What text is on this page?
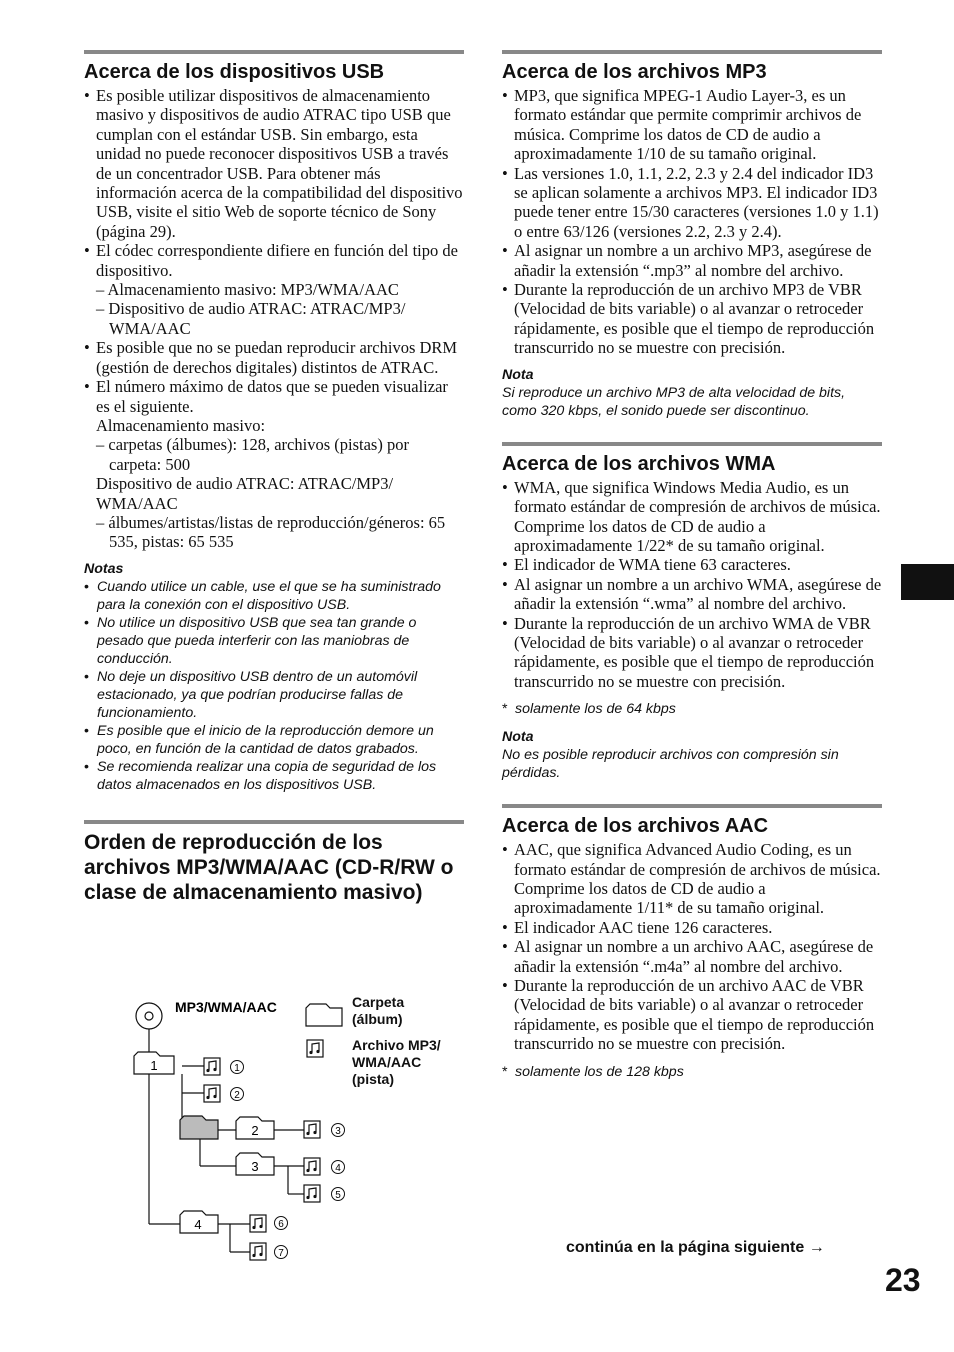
Acerca de los dispositivos USB
• Es posible utilizar dispositivos de almacenamiento masivo y dispositivos de audio ATRAC tipo USB que cumplan con el estándar USB. Sin embargo, esta unidad no puede reconocer dispositivos USB a través de un concentrador USB. Para obtener más información acerca de la compatibilidad del dispositivo USB, visite el sitio Web de soporte técnico de Sony (página 29).
• El códec correspondiente difiere en función del tipo de dispositivo.
– Almacenamiento masivo: MP3/WMA/AAC
– Dispositivo de audio ATRAC: ATRAC/MP3/ WMA/AAC
• Es posible que no se puedan reproducir archivos DRM (gestión de derechos digitales) distintos de ATRAC.
• El número máximo de datos que se pueden visualizar es el siguiente.
Almacenamiento masivo:
– carpetas (álbumes): 128, archivos (pistas) por carpeta: 500
Dispositivo de audio ATRAC: ATRAC/MP3/ WMA/AAC
– álbumes/artistas/listas de reproducción/géneros: 65 535, pistas: 65 535
Notas
• Cuando utilice un cable, use el que se ha suministrado para la conexión con el dispositivo USB.
• No utilice un dispositivo USB que sea tan grande o pesado que pueda interferir con las maniobras de conducción.
• No deje un dispositivo USB dentro de un automóvil estacionado, ya que podrían producirse fallas de funcionamiento.
• Es posible que el inicio de la reproducción demore un poco, en función de la cantidad de datos grabados.
• Se recomienda realizar una copia de seguridad de los datos almacenados en los dispositivos USB.
Orden de reproducción de los archivos MP3/WMA/AAC (CD-R/RW o clase de almacenamiento masivo)
MP3/WMA/AAC
1	1
2
2	3
3	4
5
4	6
7
Carpeta (álbum)
Archivo MP3/ WMA/AAC (pista)
Acerca de los archivos MP3
• MP3, que significa MPEG-1 Audio Layer-3, es un formato estándar que permite comprimir archivos de música. Comprime los datos de CD de audio a aproximadamente 1/10 de su tamaño original.
• Las versiones 1.0, 1.1, 2.2, 2.3 y 2.4 del indicador ID3 se aplican solamente a archivos MP3. El indicador ID3 puede tener entre 15/30 caracteres (versiones 1.0 y 1.1) o entre 63/126 (versiones 2.2, 2.3 y 2.4).
• Al asignar un nombre a un archivo MP3, asegúrese de añadir la extensión “.mp3” al nombre del archivo.
• Durante la reproducción de un archivo MP3 de VBR (Velocidad de bits variable) o al avanzar o retroceder rápidamente, es posible que el tiempo de reproducción transcurrido no se muestre con precisión.
Nota
Si reproduce un archivo MP3 de alta velocidad de bits, como 320 kbps, el sonido puede ser discontinuo.
Acerca de los archivos WMA
• WMA, que significa Windows Media Audio, es un formato estándar de compresión de archivos de música. Comprime los datos de CD de audio a aproximadamente 1/22* de su tamaño original.
• El indicador de WMA tiene 63 caracteres.
• Al asignar un nombre a un archivo WMA, asegúrese de añadir la extensión “.wma” al nombre del archivo.
• Durante la reproducción de un archivo WMA de VBR (Velocidad de bits variable) o al avanzar o retroceder rápidamente, es posible que el tiempo de reproducción transcurrido no se muestre con precisión.
* solamente los de 64 kbps
Nota
No es posible reproducir archivos con compresión sin pérdidas.
Acerca de los archivos AAC
• AAC, que significa Advanced Audio Coding, es un formato estándar de compresión de archivos de música. Comprime los datos de CD de audio a aproximadamente 1/11* de su tamaño original.
• El indicador AAC tiene 126 caracteres.
• Al asignar un nombre a un archivo AAC, asegúrese de añadir la extensión “.m4a” al nombre del archivo.
• Durante la reproducción de un archivo AAC de VBR (Velocidad de bits variable) o al avanzar o retroceder rápidamente, es posible que el tiempo de reproducción transcurrido no se muestre con precisión.
* solamente los de 128 kbps
continúa en la página siguiente →
23
